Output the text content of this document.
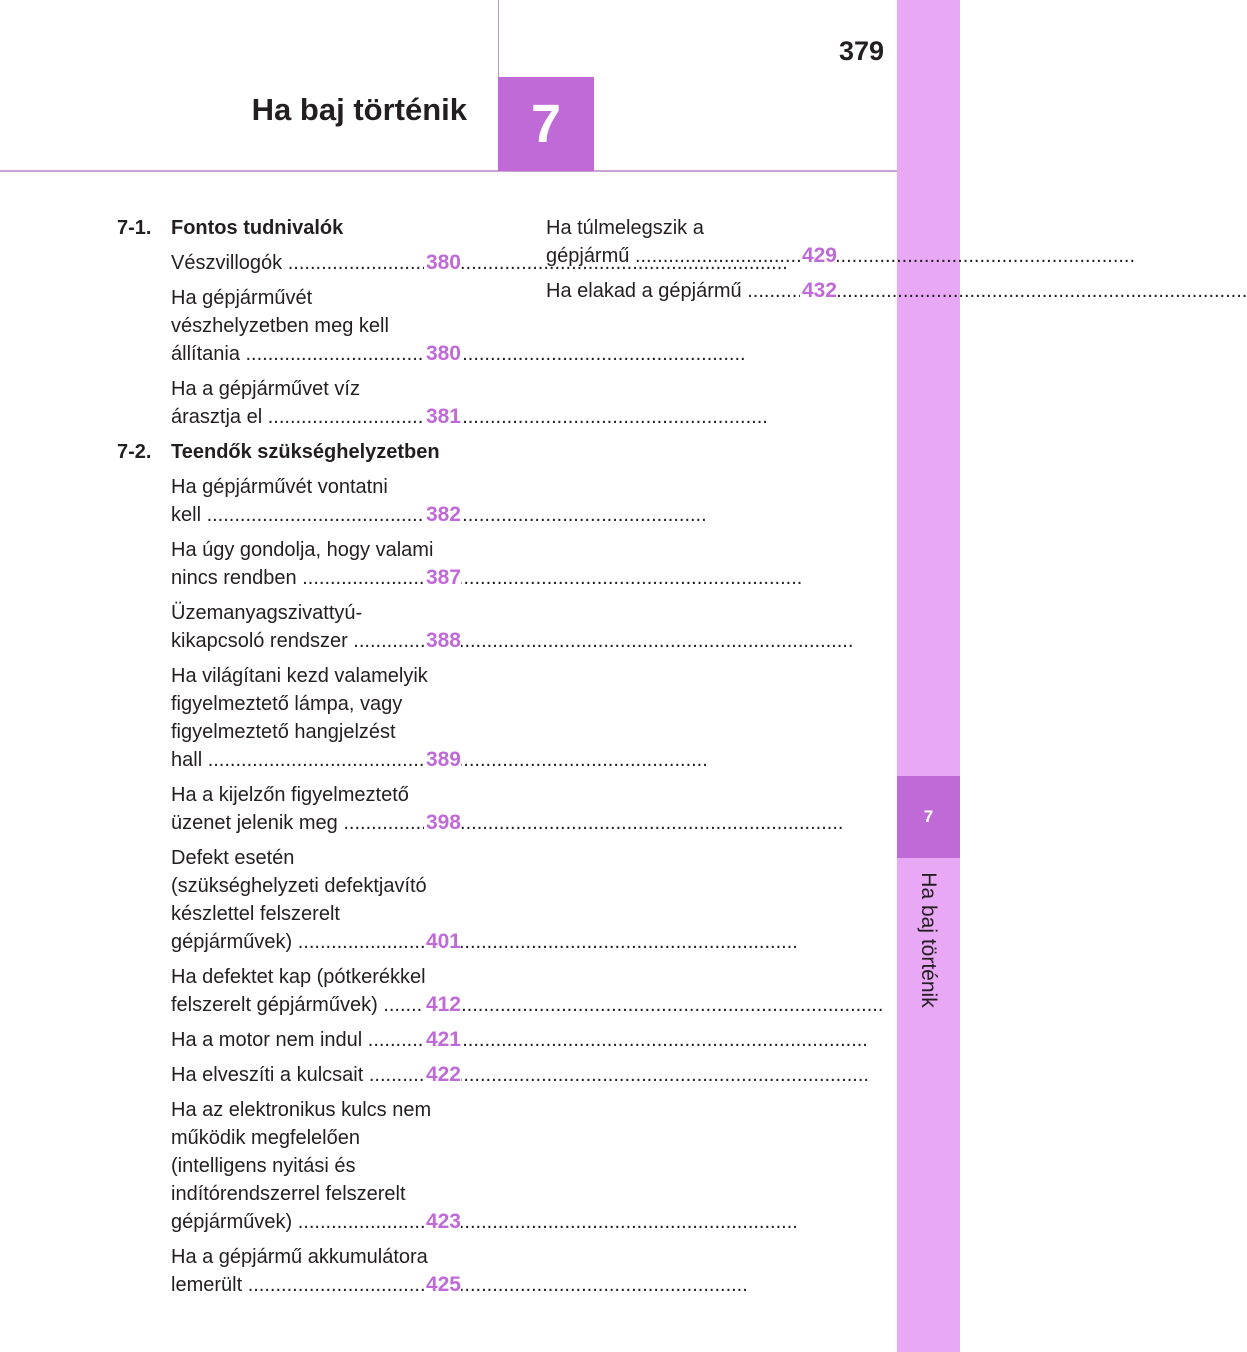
7
Ha baj történik
7
Ha baj történik
379
7-1. Fontos tudnivalók
Vészvillogók .....	380
Ha gépjárművét
vészhelyzetben meg kell
állítania .....	380
Ha a gépjárművet víz
árasztja el .....	381
7-2. Teendők szükséghelyzetben
Ha gépjárművét vontatni
kell .....	382
Ha úgy gondolja, hogy valami
nincs rendben .....	387
Üzemanyagszivattyú-
kikapcsoló rendszer .....	388
Ha világítani kezd valamelyik
figyelmeztető lámpa, vagy
figyelmeztető hangjelzést
hall .....	389
Ha a kijelzőn figyelmeztető
üzenet jelenik meg .....	398
Defekt esetén
(szükséghelyzeti defektjavító
készlettel felszerelt
gépjárművek) .....	401
Ha defektet kap (pótkerékkel
felszerelt gépjárművek) .....	412
Ha a motor nem indul .....	421
Ha elveszíti a kulcsait .....	422
Ha az elektronikus kulcs nem
működik megfelelően
(intelligens nyitási és
indítórendszerrel felszerelt
gépjárművek) .....	423
Ha a gépjármű akkumulátora
lemerült .....	425
Ha túlmelegszik a
gépjármű .....	429
Ha elakad a gépjármű .....	432
